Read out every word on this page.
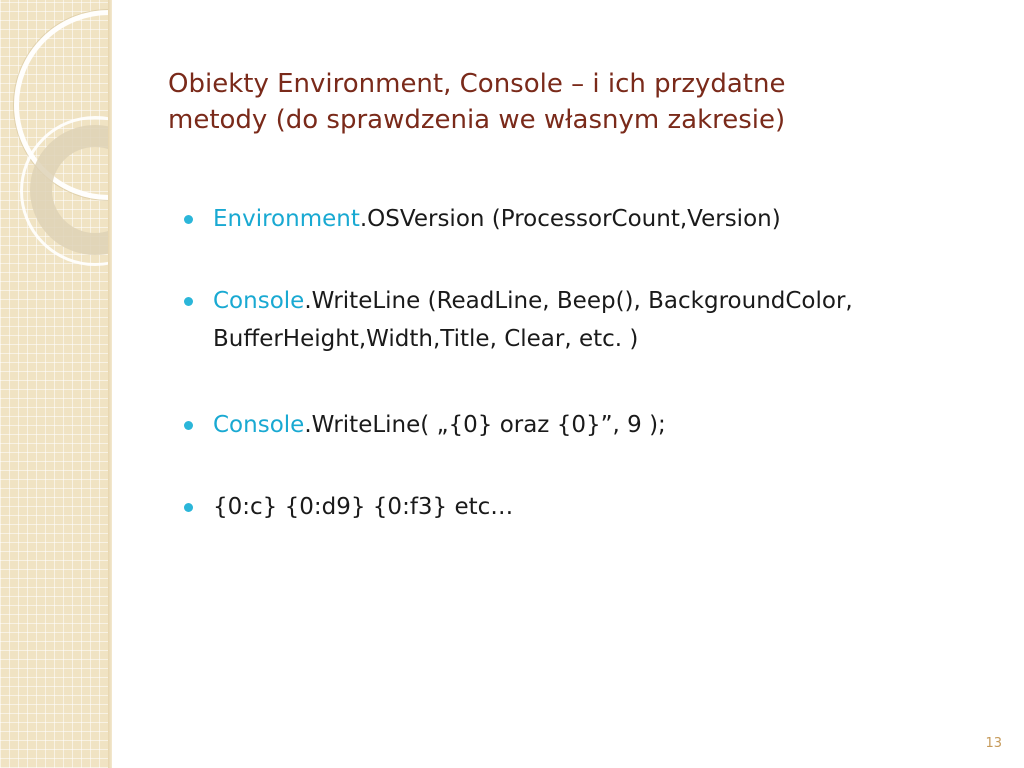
Obiekty Environment, Console – i ich przydatne
metody (do sprawdzenia we własnym zakresie)
Environment.OSVersion (ProcessorCount,Version)
Console.WriteLine (ReadLine, Beep(), BackgroundColor, BufferHeight,Width,Title, Clear, etc. )
Console.WriteLine( „{0} oraz {0}”, 9 );
{0:c} {0:d9} {0:f3} etc…
13
